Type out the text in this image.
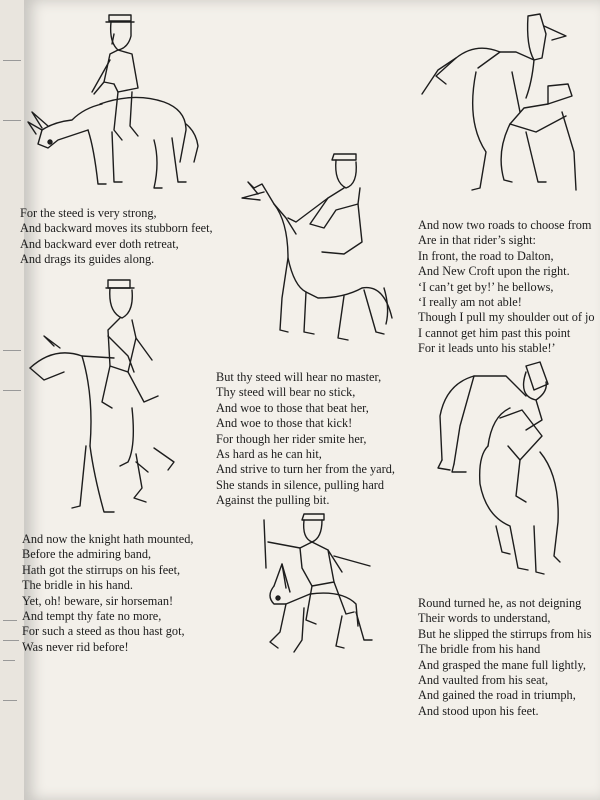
For the steed is very strong,
And backward moves its stubborn feet,
And backward ever doth retreat,
And drags its guides along.
But thy steed will hear no master,
Thy steed will bear no stick,
And woe to those that beat her,
And woe to those that kick!
For though her rider smite her,
As hard as he can hit,
And strive to turn her from the yard,
She stands in silence, pulling hard
Against the pulling bit.
And now two roads to choose from
Are in that rider’s sight:
In front, the road to Dalton,
And New Croft upon the right.
‘I can’t get by!’ he bellows,
‘I really am not able!
Though I pull my shoulder out of jo
I cannot get him past this point
For it leads unto his stable!’
And now the knight hath mounted,
Before the admiring band,
Hath got the stirrups on his feet,
The bridle in his hand.
Yet, oh! beware, sir horseman!
And tempt thy fate no more,
For such a steed as thou hast got,
Was never rid before!
Round turned he, as not deigning
Their words to understand,
But he slipped the stirrups from his
The bridle from his hand
And grasped the mane full lightly,
And vaulted from his seat,
And gained the road in triumph,
And stood upon his feet.
